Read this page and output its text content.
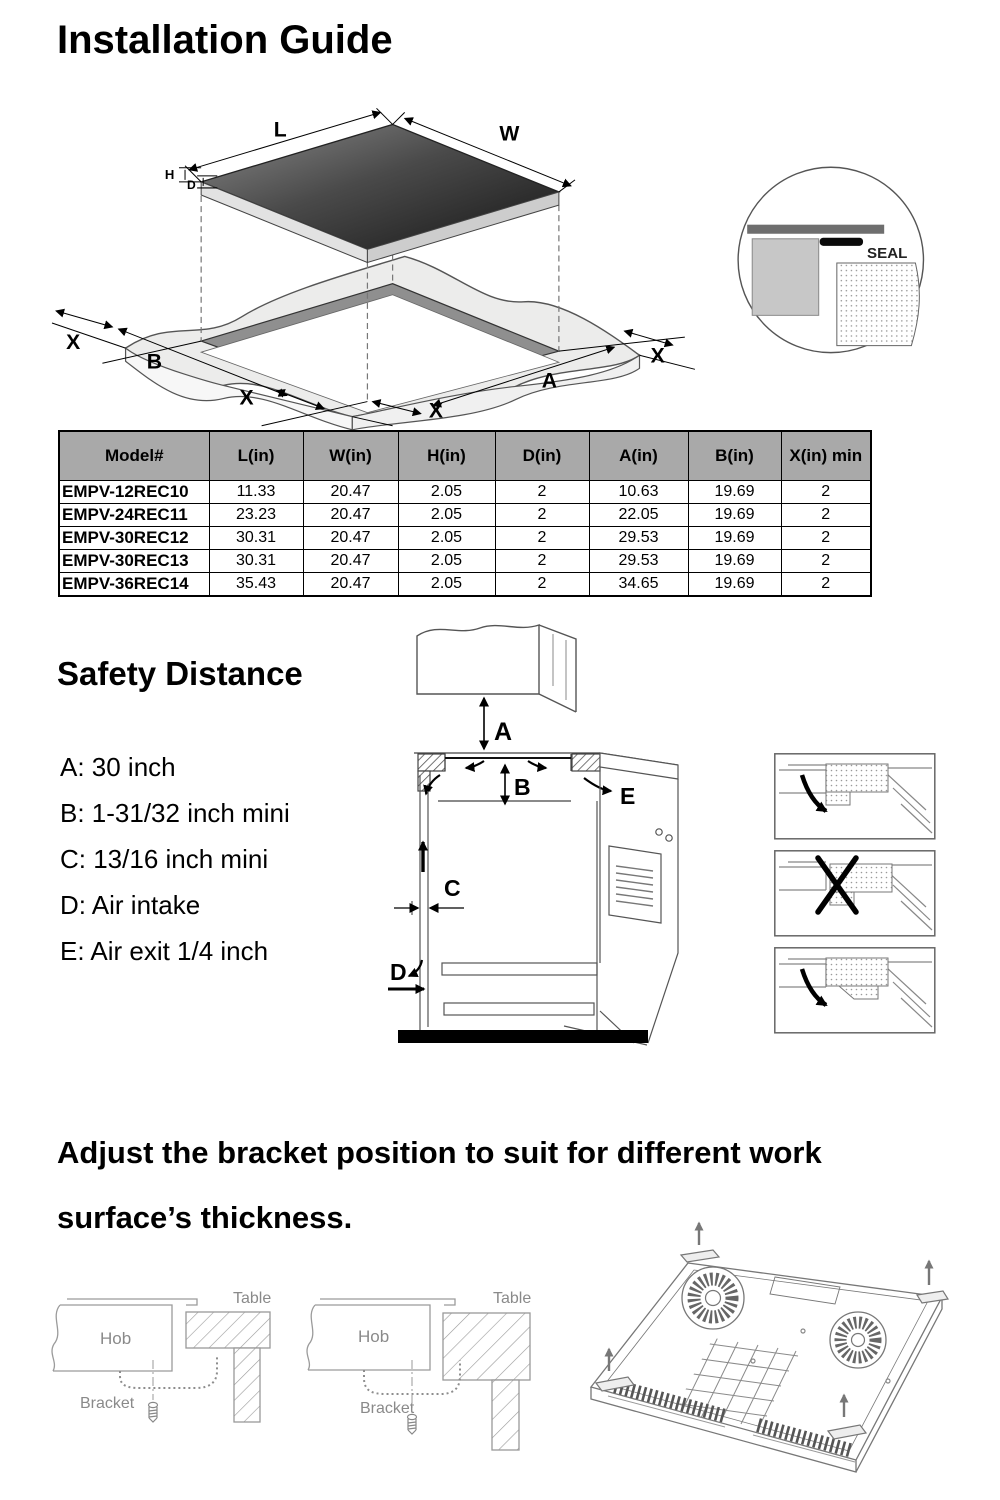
Installation Guide
L	W
H
D
X
B
X
X
A
X
SEAL
Model#	L(in)	W(in)	H(in)	D(in)	A(in)	B(in)	X(in) min
EMPV-12REC10	11.33	20.47	2.05	2	10.63	19.69	2
EMPV-24REC11	23.23	20.47	2.05	2	22.05	19.69	2
EMPV-30REC12	30.31	20.47	2.05	2	29.53	19.69	2
EMPV-30REC13	30.31	20.47	2.05	2	29.53	19.69	2
EMPV-36REC14	35.43	20.47	2.05	2	34.65	19.69	2
Safety Distance
A: 30 inch
B: 1-31/32 inch mini
C: 13/16 inch mini
D: Air intake
E: Air exit 1/4 inch
A
B	E
C
D
Adjust the bracket position to suit for different work
surface’s thickness.
Hob
Table
Bracket
Hob
Table
Bracket
